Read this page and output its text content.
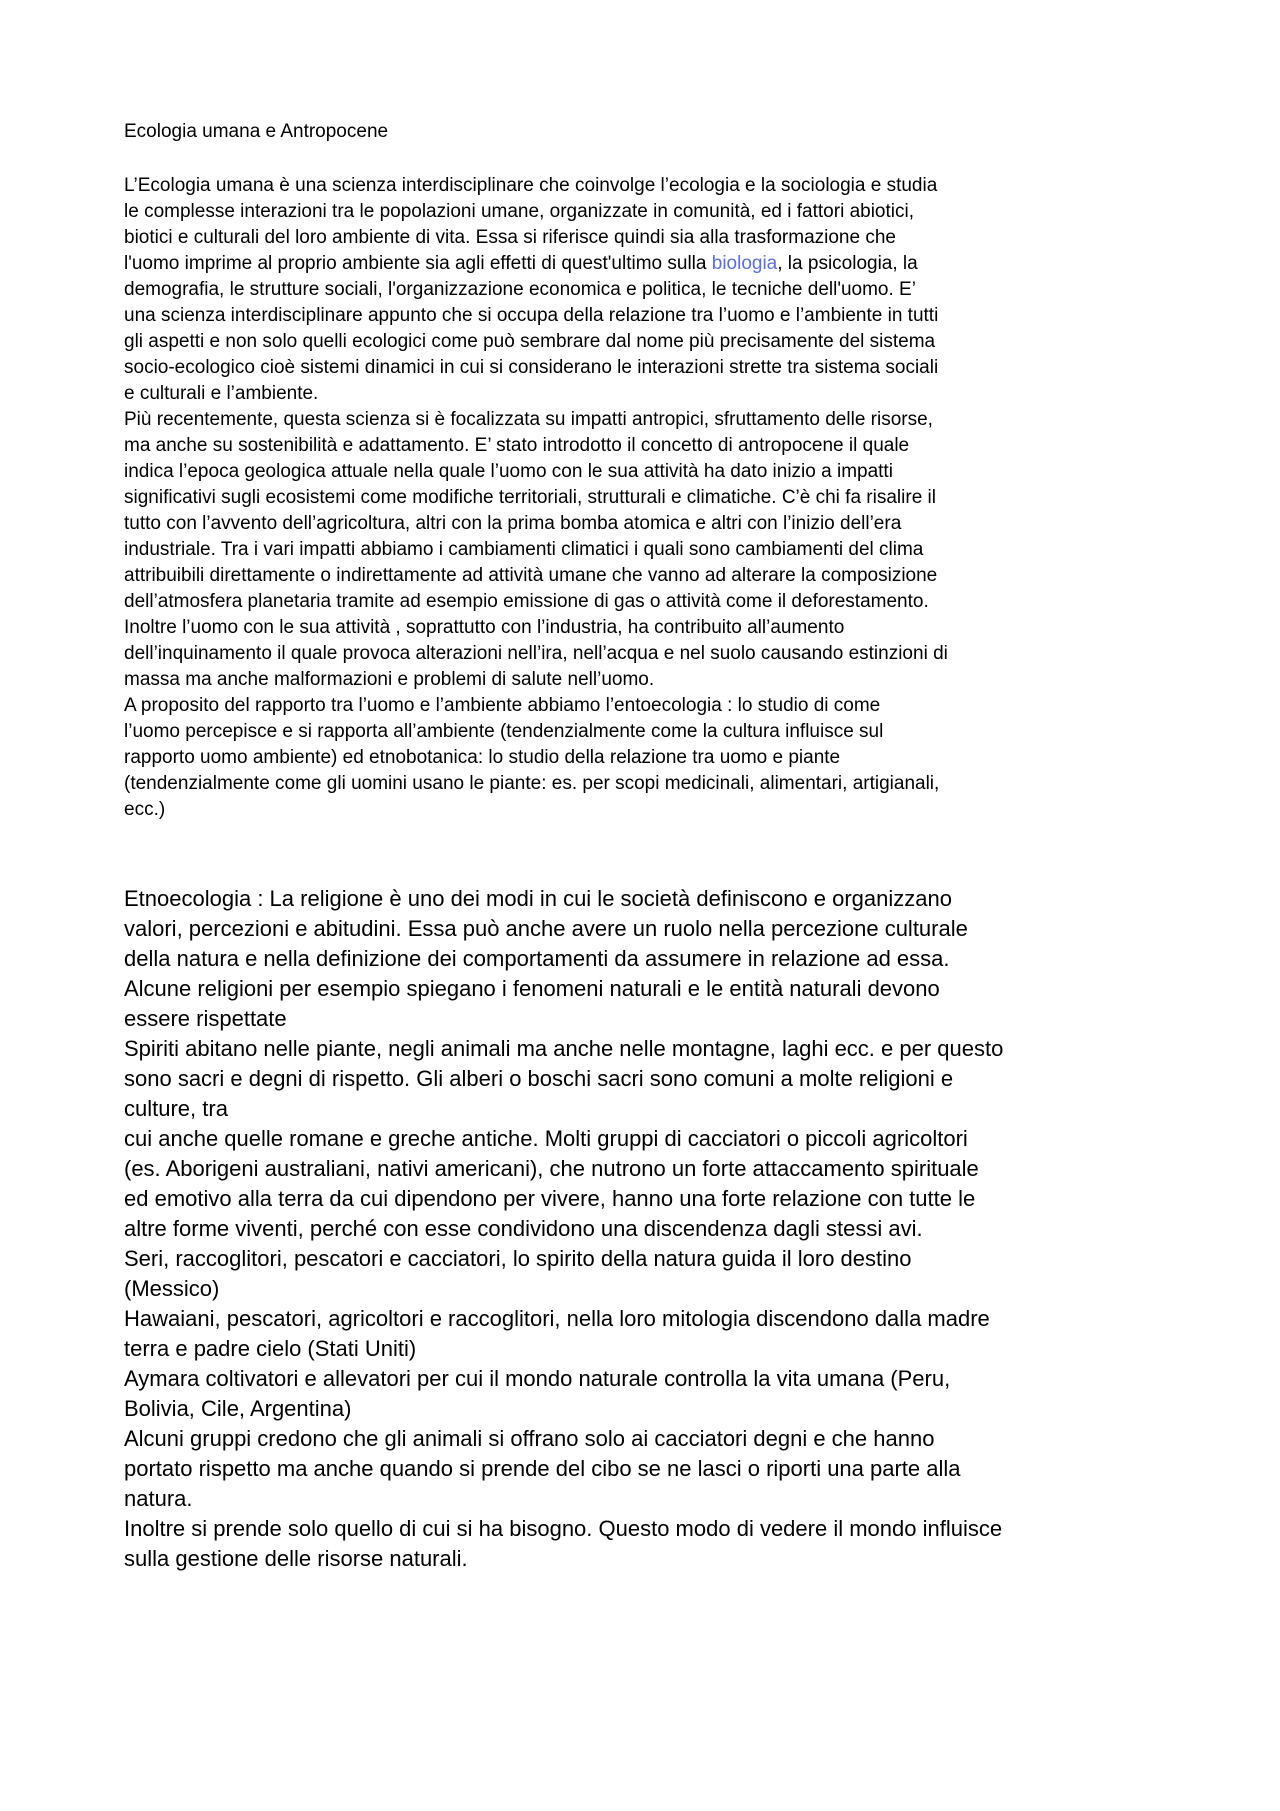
Ecologia umana e Antropocene
L’Ecologia umana è una scienza interdisciplinare che coinvolge l’ecologia e la sociologia e studia
le complesse interazioni tra le popolazioni umane, organizzate in comunità, ed i fattori abiotici,
biotici e culturali del loro ambiente di vita. Essa si riferisce quindi sia alla trasformazione che
l'uomo imprime al proprio ambiente sia agli effetti di quest'ultimo sulla biologia, la psicologia, la
demografia, le strutture sociali, l'organizzazione economica e politica, le tecniche dell'uomo. E’
una scienza interdisciplinare appunto che si occupa della relazione tra l’uomo e l’ambiente in tutti
gli aspetti e non solo quelli ecologici come può sembrare dal nome più precisamente del sistema
socio-ecologico cioè sistemi dinamici in cui si considerano le interazioni strette tra sistema sociali
e culturali e l’ambiente.
Più recentemente, questa scienza si è focalizzata su impatti antropici, sfruttamento delle risorse,
ma anche su sostenibilità e adattamento. E’ stato introdotto il concetto di antropocene il quale
indica l’epoca geologica attuale nella quale l’uomo con le sua attività ha dato inizio a impatti
significativi sugli ecosistemi come modifiche territoriali, strutturali e climatiche. C’è chi fa risalire il
tutto con l’avvento dell’agricoltura, altri con la prima bomba atomica e altri con l’inizio dell’era
industriale. Tra i vari impatti abbiamo i cambiamenti climatici i quali sono cambiamenti del clima
attribuibili direttamente o indirettamente ad attività umane che vanno ad alterare la composizione
dell’atmosfera planetaria tramite ad esempio emissione di gas o attività come il deforestamento.
Inoltre l’uomo con le sua attività , soprattutto con l’industria, ha contribuito all’aumento
dell’inquinamento il quale provoca alterazioni nell’ira, nell’acqua e nel suolo causando estinzioni di
massa ma anche malformazioni e problemi di salute nell’uomo.
A proposito del rapporto tra l’uomo e l’ambiente abbiamo l’entoecologia : lo studio di come
l’uomo percepisce e si rapporta all’ambiente (tendenzialmente come la cultura influisce sul
rapporto uomo ambiente) ed etnobotanica: lo studio della relazione tra uomo e piante
(tendenzialmente come gli uomini usano le piante: es. per scopi medicinali, alimentari, artigianali,
ecc.)
Etnoecologia : La religione è uno dei modi in cui le società definiscono e organizzano
valori, percezioni e abitudini. Essa può anche avere un ruolo nella percezione culturale
della natura e nella definizione dei comportamenti da assumere in relazione ad essa.
Alcune religioni per esempio spiegano i fenomeni naturali e le entità naturali devono
essere rispettate
Spiriti abitano nelle piante, negli animali ma anche nelle montagne, laghi ecc. e per questo
sono sacri e degni di rispetto. Gli alberi o boschi sacri sono comuni a molte religioni e
culture, tra
cui anche quelle romane e greche antiche. Molti gruppi di cacciatori o piccoli agricoltori
(es. Aborigeni australiani, nativi americani), che nutrono un forte attaccamento spirituale
ed emotivo alla terra da cui dipendono per vivere, hanno una forte relazione con tutte le
altre forme viventi, perché con esse condividono una discendenza dagli stessi avi.
Seri, raccoglitori, pescatori e cacciatori, lo spirito della natura guida il loro destino
(Messico)
Hawaiani, pescatori, agricoltori e raccoglitori, nella loro mitologia discendono dalla madre
terra e padre cielo (Stati Uniti)
Aymara coltivatori e allevatori per cui il mondo naturale controlla la vita umana (Peru,
Bolivia, Cile, Argentina)
Alcuni gruppi credono che gli animali si offrano solo ai cacciatori degni e che hanno
portato rispetto ma anche quando si prende del cibo se ne lasci o riporti una parte alla
natura.
Inoltre si prende solo quello di cui si ha bisogno. Questo modo di vedere il mondo influisce
sulla gestione delle risorse naturali.
